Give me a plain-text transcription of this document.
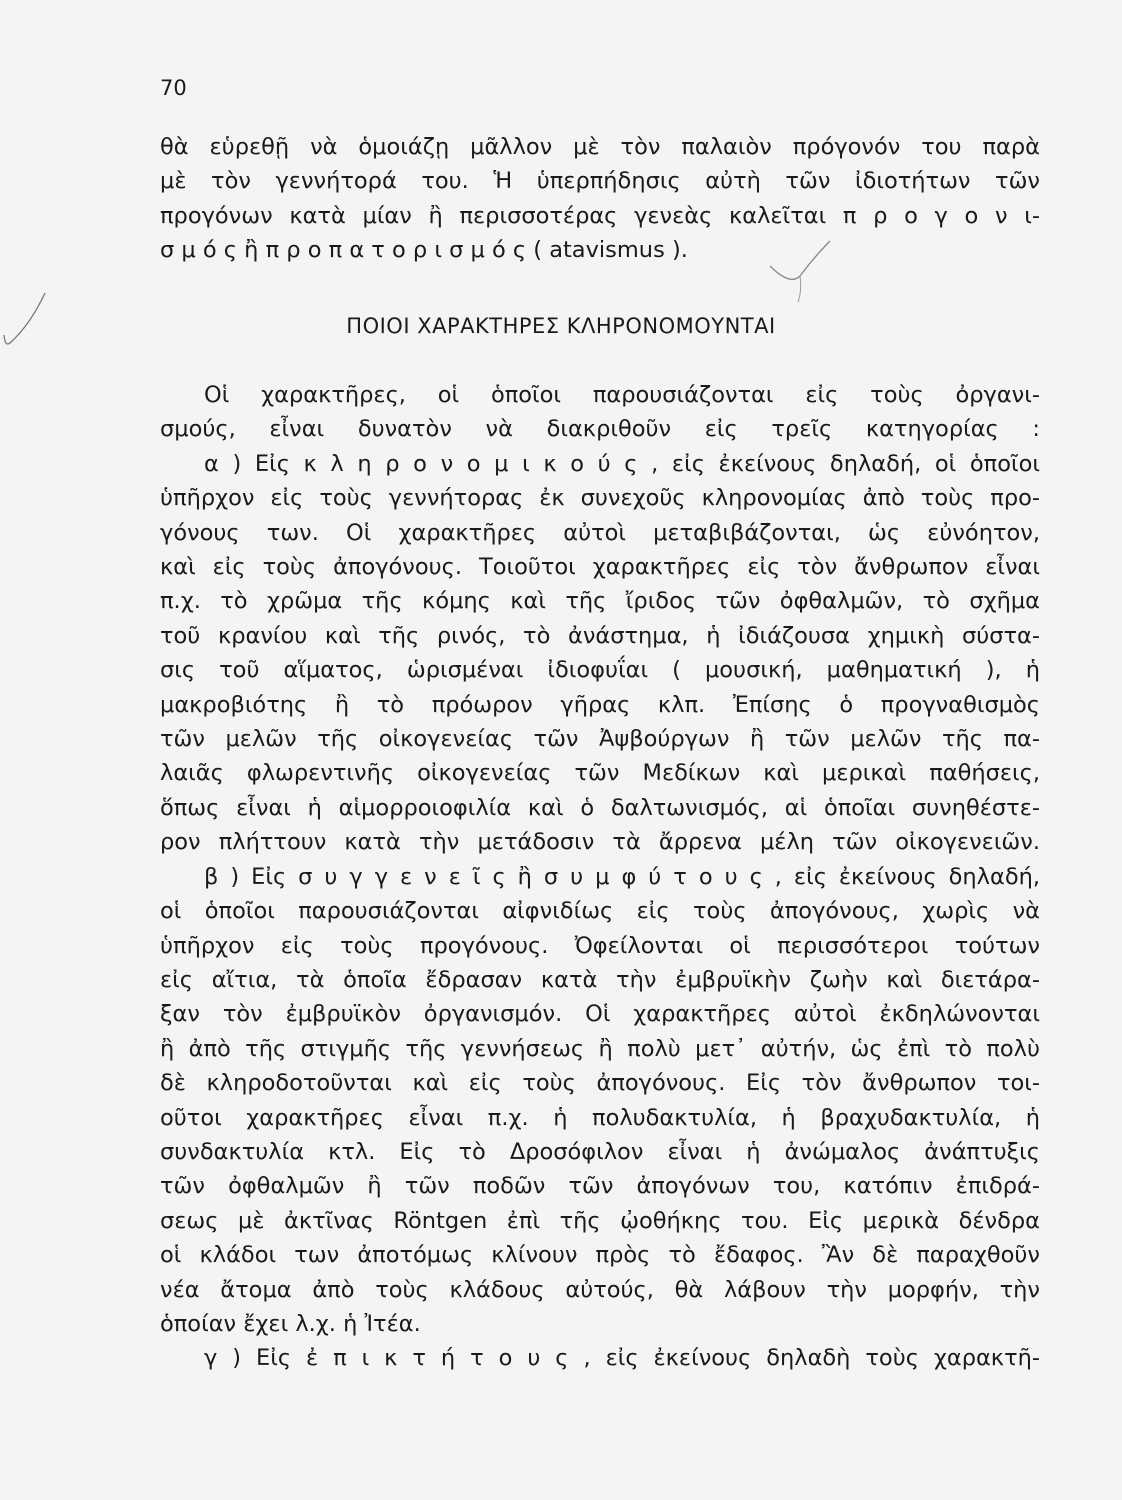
70
θὰ εὑρεθῇ νὰ ὁμοιάζῃ μᾶλλον μὲ τὸν παλαιὸν πρόγονόν του παρὰ
μὲ τὸν γεννήτορά του. Ἡ ὑπερπήδησις αὐτὴ τῶν ἰδιοτήτων τῶν
προγόνων κατὰ μίαν ἢ περισσοτέρας γενεὰς καλεῖται π ρ ο γ ο ν ι-
σ μ ό ς ἢ π ρ ο π α τ ο ρ ι σ μ ό ς ( atavismus ).
ΠΟΙΟΙ ΧΑΡΑΚΤΗΡΕΣ ΚΛΗΡΟΝΟΜΟΥΝΤΑΙ
Οἱ χαρακτῆρες, οἱ ὁποῖοι παρουσιάζονται εἰς τοὺς ὀργανι-
σμούς, εἶναι δυνατὸν νὰ διακριθοῦν εἰς τρεῖς κατηγορίας :
α ) Εἰς κ λ η ρ ο ν ο μ ι κ ο ύ ς , εἰς ἐκείνους δηλαδή, οἱ ὁποῖοι
ὑπῆρχον εἰς τοὺς γεννήτορας ἐκ συνεχοῦς κληρονομίας ἀπὸ τοὺς προ-
γόνους των. Οἱ χαρακτῆρες αὐτοὶ μεταβιβάζονται, ὡς εὐνόητον,
καὶ εἰς τοὺς ἀπογόνους. Τοιοῦτοι χαρακτῆρες εἰς τὸν ἄνθρωπον εἶναι
π.χ. τὸ χρῶμα τῆς κόμης καὶ τῆς ἴριδος τῶν ὀφθαλμῶν, τὸ σχῆμα
τοῦ κρανίου καὶ τῆς ρινός, τὸ ἀνάστημα, ἡ ἰδιάζουσα χημικὴ σύστα-
σις τοῦ αἵματος, ὡρισμέναι ἰδιοφυΐαι ( μουσική, μαθηματική ), ἡ
μακροβιότης ἢ τὸ πρόωρον γῆρας κλπ. Ἐπίσης ὁ προγναθισμὸς
τῶν μελῶν τῆς οἰκογενείας τῶν Ἀψβούργων ἢ τῶν μελῶν τῆς πα-
λαιᾶς φλωρεντινῆς οἰκογενείας τῶν Μεδίκων καὶ μερικαὶ παθήσεις,
ὅπως εἶναι ἡ αἱμορροιοφιλία καὶ ὁ δαλτωνισμός, αἱ ὁποῖαι συνηθέστε-
ρον πλήττουν κατὰ τὴν μετάδοσιν τὰ ἄρρενα μέλη τῶν οἰκογενειῶν.
β ) Εἰς σ υ γ γ ε ν ε ῖ ς ἢ σ υ μ φ ύ τ ο υ ς , εἰς ἐκείνους δηλαδή,
οἱ ὁποῖοι παρουσιάζονται αἰφνιδίως εἰς τοὺς ἀπογόνους, χωρὶς νὰ
ὑπῆρχον εἰς τοὺς προγόνους. Ὀφείλονται οἱ περισσότεροι τούτων
εἰς αἴτια, τὰ ὁποῖα ἔδρασαν κατὰ τὴν ἐμβρυϊκὴν ζωὴν καὶ διετάρα-
ξαν τὸν ἐμβρυϊκὸν ὀργανισμόν. Οἱ χαρακτῆρες αὐτοὶ ἐκδηλώνονται
ἢ ἀπὸ τῆς στιγμῆς τῆς γεννήσεως ἢ πολὺ μετ᾿ αὐτήν, ὡς ἐπὶ τὸ πολὺ
δὲ κληροδοτοῦνται καὶ εἰς τοὺς ἀπογόνους. Εἰς τὸν ἄνθρωπον τοι-
οῦτοι χαρακτῆρες εἶναι π.χ. ἡ πολυδακτυλία, ἡ βραχυδακτυλία, ἡ
συνδακτυλία κτλ. Εἰς τὸ Δροσόφιλον εἶναι ἡ ἀνώμαλος ἀνάπτυξις
τῶν ὀφθαλμῶν ἢ τῶν ποδῶν τῶν ἀπογόνων του, κατόπιν ἐπιδρά-
σεως μὲ ἀκτῖνας Röntgen ἐπὶ τῆς ᾠοθήκης του. Εἰς μερικὰ δένδρα
οἱ κλάδοι των ἀποτόμως κλίνουν πρὸς τὸ ἔδαφος. Ἂν δὲ παραχθοῦν
νέα ἄτομα ἀπὸ τοὺς κλάδους αὐτούς, θὰ λάβουν τὴν μορφήν, τὴν
ὁποίαν ἔχει λ.χ. ἡ Ἰτέα.
γ ) Εἰς ἐ π ι κ τ ή τ ο υ ς , εἰς ἐκείνους δηλαδὴ τοὺς χαρακτῆ-
